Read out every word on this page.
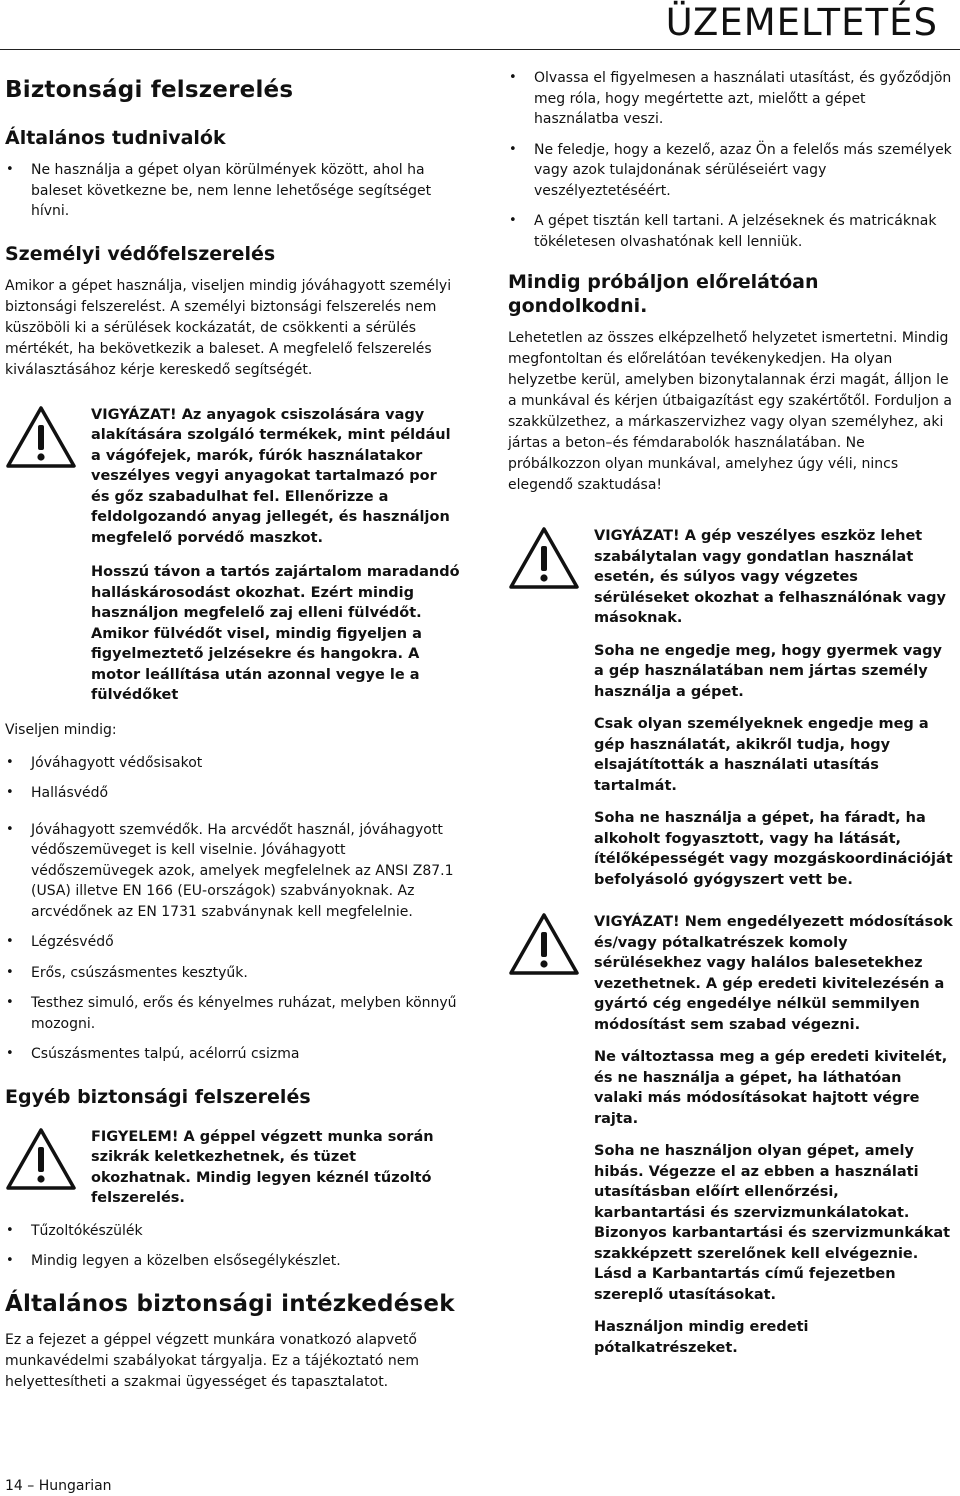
ÜZEMELTETÉS
Biztonsági felszerelés
Általános tudnivalók
• Ne használja a gépet olyan körülmények között, ahol ha baleset következne be, nem lenne lehetősége segítséget hívni.
Személyi védőfelszerelés

Amikor a gépet használja, viseljen mindig jóváhagyott személyi biztonsági felszerelést. A személyi biztonsági felszerelés nem küszöböli ki a sérülések kockázatát, de csökkenti a sérülés mértékét, ha bekövetkezik a baleset. A megfelelő felszerelés kiválasztásához kérje kereskedő segítségét.

VIGYÁZAT! Az anyagok csiszolására vagy alakítására szolgáló termékek, mint például a vágófejek, marók, fúrók használatakor veszélyes vegyi anyagokat tartalmazó por és gőz szabadulhat fel. Ellenőrizze a feldolgozandó anyag jellegét, és használjon megfelelő porvédő maszkot.

Hosszú távon a tartós zajártalom maradandó halláskárosodást okozhat. Ezért mindig használjon megfelelő zaj elleni fülvédőt. Amikor fülvédőt visel, mindig figyeljen a figyelmeztető jelzésekre és hangokra. A motor leállítása után azonnal vegye le a fülvédőket

Viseljen mindig:

• Jóváhagyott védősisakot
• Hallásvédő
• Jóváhagyott szemvédők. Ha arcvédőt használ, jóváhagyott védőszemüveget is kell viselnie. Jóváhagyott védőszemüvegek azok, amelyek megfelelnek az ANSI Z87.1 (USA) illetve EN 166 (EU-országok) szabványoknak. Az arcvédőnek az EN 1731 szabványnak kell megfelelnie.
• Légzésvédő
• Erős, csúszásmentes kesztyűk.
• Testhez simuló, erős és kényelmes ruházat, melyben könnyű mozogni.
• Csúszásmentes talpú, acélorrú csizma
Egyéb biztonsági felszerelés

FIGYELEM! A géppel végzett munka során szikrák keletkezhetnek, és tüzet okozhatnak. Mindig legyen kéznél tűzoltó felszerelés.

• Tűzoltókészülék
• Mindig legyen a közelben elsősegélykészlet.
Általános biztonsági intézkedések

Ez a fejezet a géppel végzett munkára vonatkozó alapvető munkavédelmi szabályokat tárgyalja. Ez a tájékoztató nem helyettesítheti a szakmai ügyességet és tapasztalatot.

• Olvassa el figyelmesen a használati utasítást, és győződjön meg róla, hogy megértette azt, mielőtt a gépet használatba veszi.
• Ne feledje, hogy a kezelő, azaz Ön a felelős más személyek vagy azok tulajdonának sérüléseiért vagy veszélyeztetéséért.
• A gépet tisztán kell tartani. A jelzéseknek és matricáknak tökéletesen olvashatónak kell lenniük.
Mindig próbáljon előrelátóan gondolkodni.

Lehetetlen az összes elképzelhető helyzetet ismertetni. Mindig megfontoltan és előrelátóan tevékenykedjen. Ha olyan helyzetbe kerül, amelyben bizonytalannak érzi magát, álljon le a munkával és kérjen útbaigazítást egy szakértőtől. Forduljon a szakkülzethez, a márkaszervizhez vagy olyan személyhez, aki jártas a beton–és fémdarabolók használatában. Ne próbálkozzon olyan munkával, amelyhez úgy véli, nincs elegendő szaktudása!

VIGYÁZAT! A gép veszélyes eszköz lehet szabálytalan vagy gondatlan használat esetén, és súlyos vagy végzetes sérüléseket okozhat a felhasználónak vagy másoknak.

Soha ne engedje meg, hogy gyermek vagy a gép használatában nem jártas személy használja a gépet.

Csak olyan személyeknek engedje meg a gép használatát, akikről tudja, hogy elsajátították a használati utasítás tartalmát.

Soha ne használja a gépet, ha fáradt, ha alkoholt fogyasztott, vagy ha látását, ítélőképességét vagy mozgáskoordinációját befolyásoló gyógyszert vett be.

VIGYÁZAT! Nem engedélyezett módosítások és/vagy pótalkatrészek komoly sérülésekhez vagy halálos balesetekhez vezethetnek. A gép eredeti kivitelezésén a gyártó cég engedélye nélkül semmilyen módosítást sem szabad végezni.

Ne változtassa meg a gép eredeti kivitelét, és ne használja a gépet, ha láthatóan valaki más módosításokat hajtott végre rajta.

Soha ne használjon olyan gépet, amely hibás. Végezze el az ebben a használati utasításban előírt ellenőrzési, karbantartási és szervizmunkálatokat. Bizonyos karbantartási és szervizmunkákat szakképzett szerelőnek kell elvégeznie. Lásd a Karbantartás című fejezetben szereplő utasításokat.

Használjon mindig eredeti pótalkatrészeket.

14 – Hungarian
